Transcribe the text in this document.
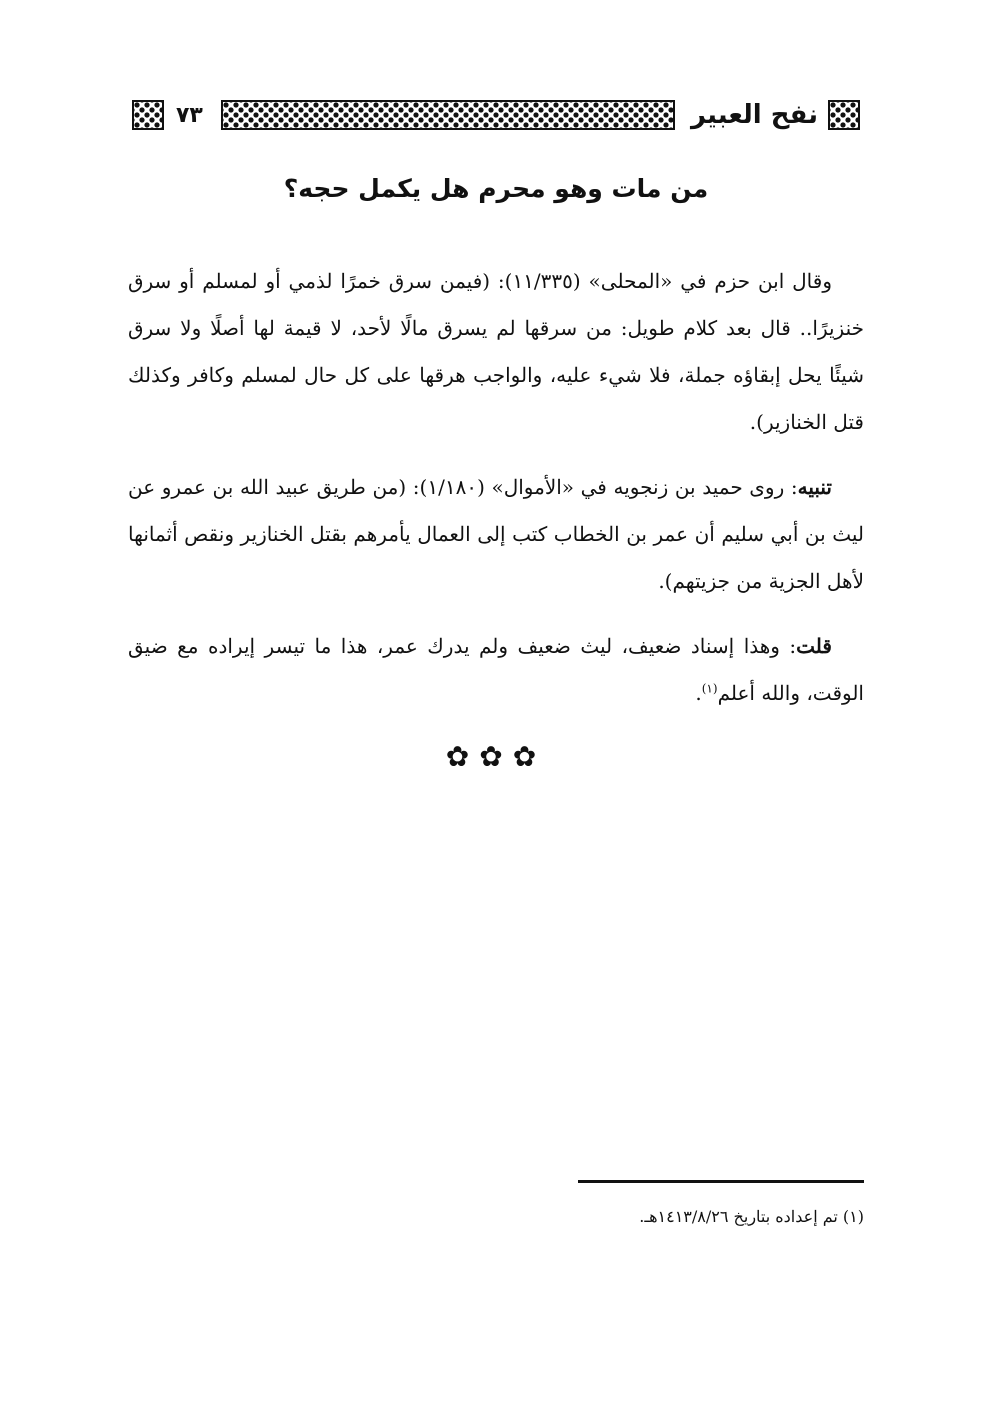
نفح العبير
٧٣
من مات وهو محرم هل يكمل حجه؟

وقال ابن حزم في «المحلى» (١١/٣٣٥): (فيمن سرق خمرًا لذمي أو لمسلم أو سرق خنزيرًا.. قال بعد كلام طويل: من سرقها لم يسرق مالًا لأحد، لا قيمة لها أصلًا ولا سرق شيئًا يحل إبقاؤه جملة، فلا شيء عليه، والواجب هرقها على كل حال لمسلم وكافر وكذلك قتل الخنازير).

تنبيه: روى حميد بن زنجويه في «الأموال» (١/١٨٠): (من طريق عبيد الله بن عمرو عن ليث بن أبي سليم أن عمر بن الخطاب كتب إلى العمال يأمرهم بقتل الخنازير ونقص أثمانها لأهل الجزية من جزيتهم).

قلت: وهذا إسناد ضعيف، ليث ضعيف ولم يدرك عمر، هذا ما تيسر إيراده مع ضيق الوقت، والله أعلم$^{(١)}$.

✿✿✿
(١) تم إعداده بتاريخ ١٤١٣/٨/٢٦هـ.
